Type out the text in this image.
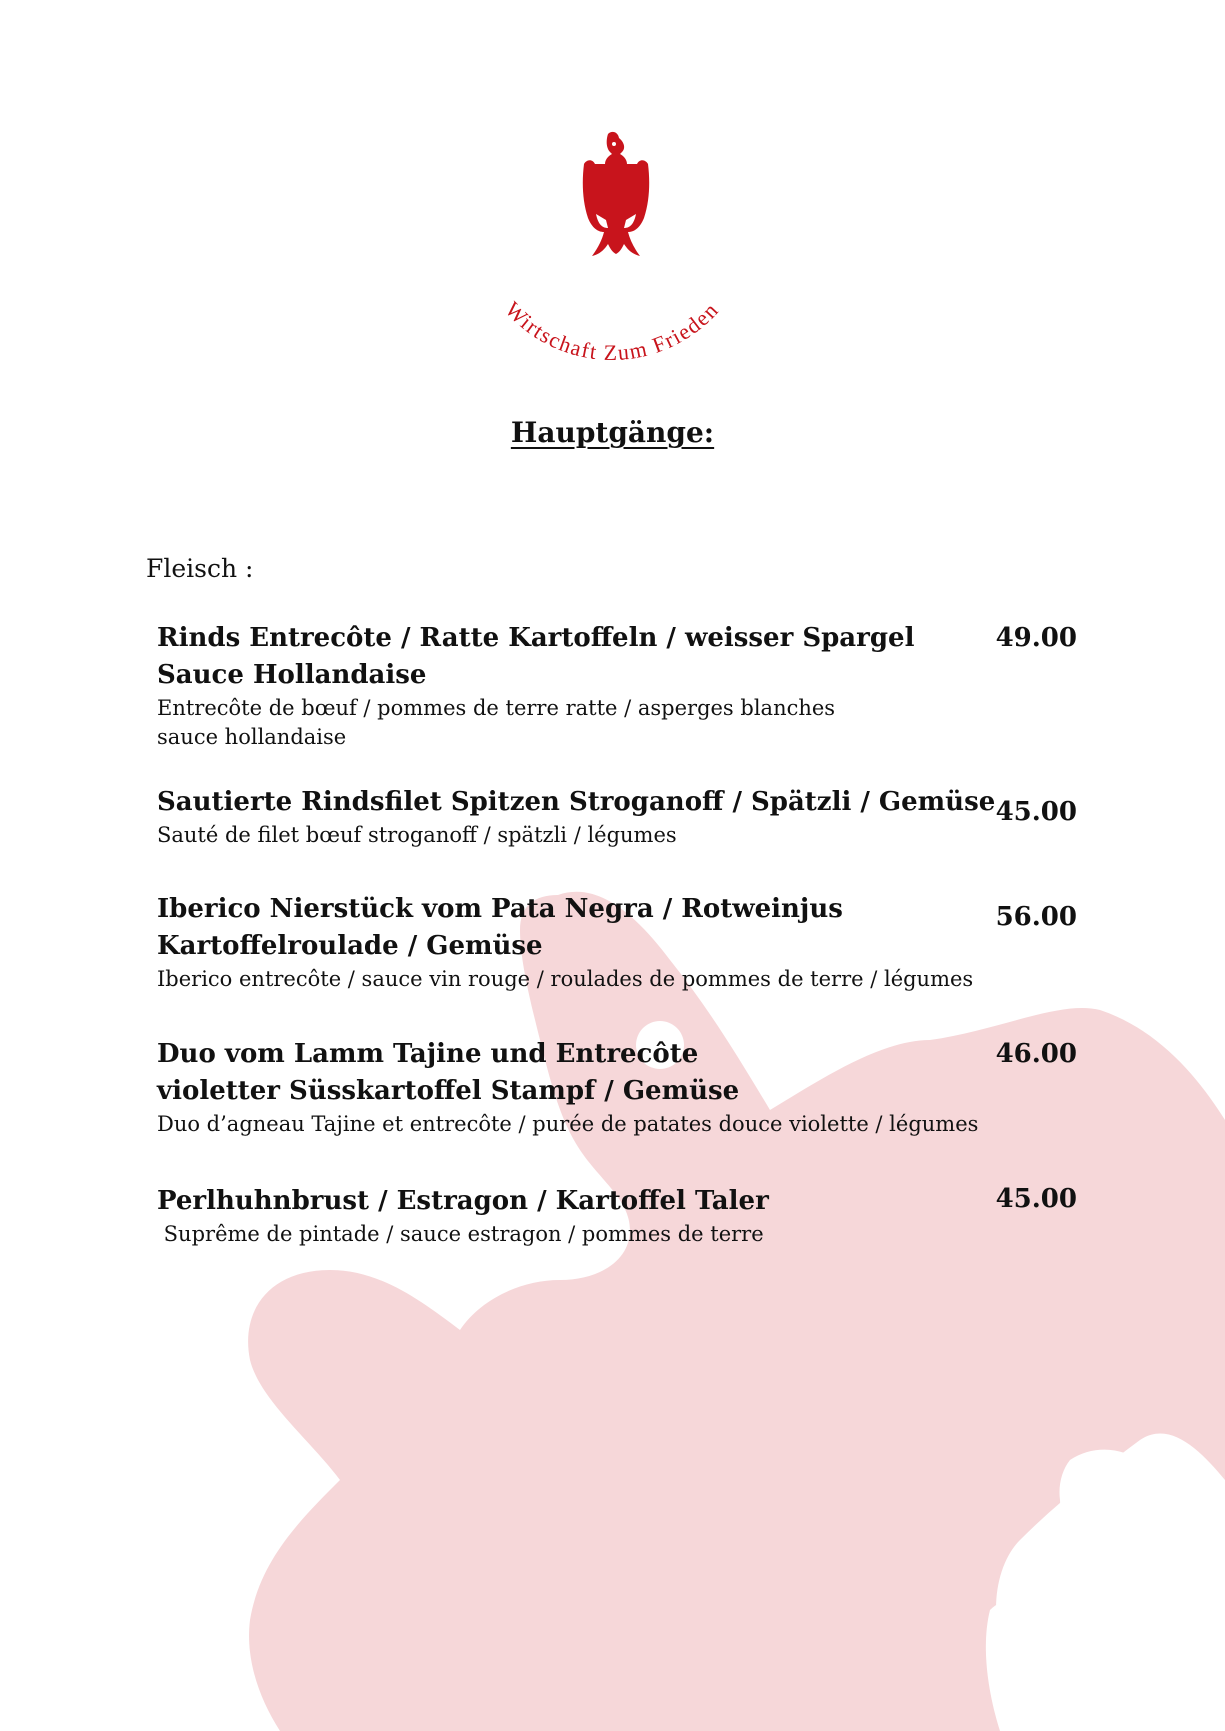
Wirtschaft Zum Frieden
Hauptgänge:
Fleisch :
Rinds Entrecôte / Ratte Kartoffeln / weisser Spargel
Sauce Hollandaise
Entrecôte de bœuf / pommes de terre ratte / asperges blanches
sauce hollandaise
49.00
Sautierte Rindsfilet Spitzen Stroganoff / Spätzli / Gemüse
Sauté de filet bœuf stroganoff / spätzli / légumes
45.00
Iberico Nierstück vom Pata Negra / Rotweinjus
Kartoffelroulade / Gemüse
Iberico entrecôte / sauce vin rouge / roulades de pommes de terre / légumes
56.00
Duo vom Lamm Tajine und Entrecôte
violetter Süsskartoffel Stampf / Gemüse
Duo d’agneau Tajine et entrecôte / purée de patates douce violette / légumes
46.00
Perlhuhnbrust / Estragon / Kartoffel Taler
Suprême de pintade / sauce estragon / pommes de terre
45.00
